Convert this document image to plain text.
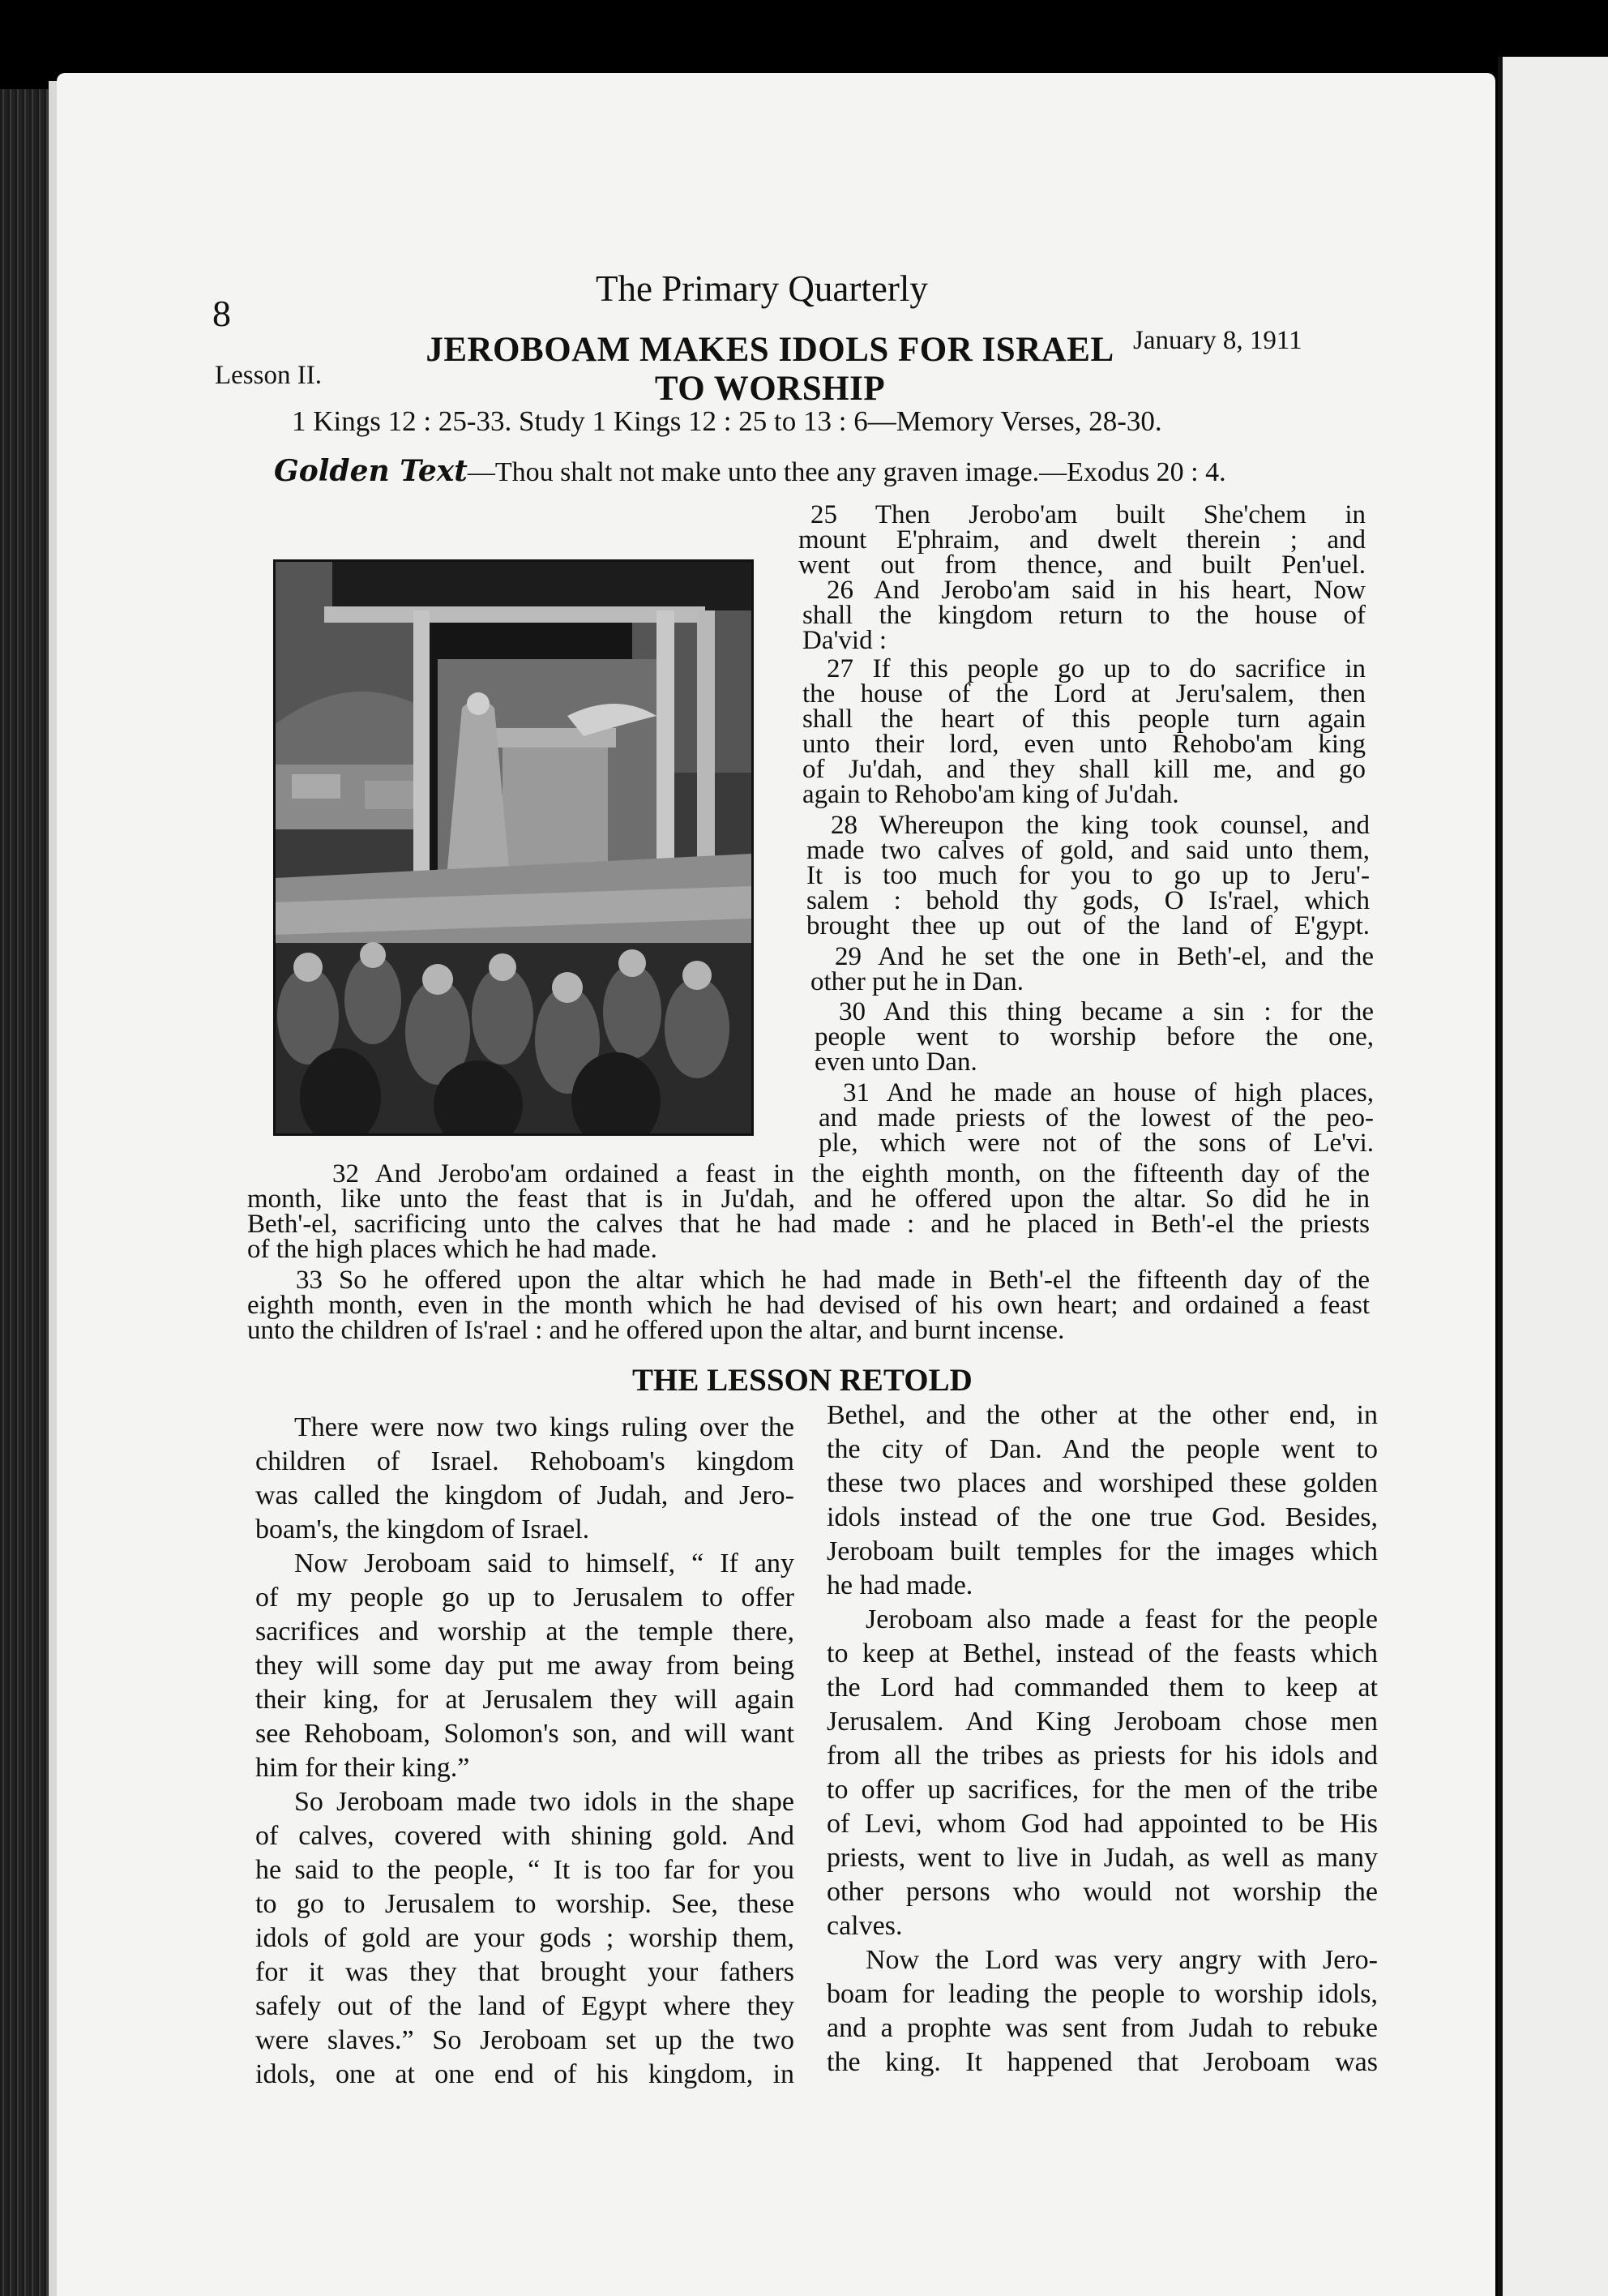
8
The Primary Quarterly
Lesson II.
January 8, 1911
JEROBOAM MAKES IDOLS FOR ISRAEL
TO WORSHIP
1 Kings 12 : 25-33. Study 1 Kings 12 : 25 to 13 : 6—Memory Verses, 28-30.
Golden Text—Thou shalt not make unto thee any graven image.—Exodus 20 : 4.
25 Then Jerobo'am built She'chem in
mount E'phraim, and dwelt therein ; and
went out from thence, and built Pen'uel.
26 And Jerobo'am said in his heart, Now
shall the kingdom return to the house of
Da'vid :
27 If this people go up to do sacrifice in
the house of the Lord at Jeru'salem, then
shall the heart of this people turn again
unto their lord, even unto Rehobo'am king
of Ju'dah, and they shall kill me, and go
again to Rehobo'am king of Ju'dah.
28 Whereupon the king took counsel, and
made two calves of gold, and said unto them,
It is too much for you to go up to Jeru'-
salem : behold thy gods, O Is'rael, which
brought thee up out of the land of E'gypt.
29 And he set the one in Beth'-el, and the
other put he in Dan.
30 And this thing became a sin : for the
people went to worship before the one,
even unto Dan.
31 And he made an house of high places,
and made priests of the lowest of the peo-
ple, which were not of the sons of Le'vi.
32 And Jerobo'am ordained a feast in the eighth month, on the fifteenth day of the
month, like unto the feast that is in Ju'dah, and he offered upon the altar. So did he in
Beth'-el, sacrificing unto the calves that he had made : and he placed in Beth'-el the priests
of the high places which he had made.
33 So he offered upon the altar which he had made in Beth'-el the fifteenth day of the
eighth month, even in the month which he had devised of his own heart; and ordained a feast
unto the children of Is'rael : and he offered upon the altar, and burnt incense.
THE LESSON RETOLD
There were now two kings ruling over the
children of Israel. Rehoboam's kingdom
was called the kingdom of Judah, and Jero-
boam's, the kingdom of Israel.
Now Jeroboam said to himself, “ If any
of my people go up to Jerusalem to offer
sacrifices and worship at the temple there,
they will some day put me away from being
their king, for at Jerusalem they will again
see Rehoboam, Solomon's son, and will want
him for their king.”
So Jeroboam made two idols in the shape
of calves, covered with shining gold. And
he said to the people, “ It is too far for you
to go to Jerusalem to worship. See, these
idols of gold are your gods ; worship them,
for it was they that brought your fathers
safely out of the land of Egypt where they
were slaves.” So Jeroboam set up the two
idols, one at one end of his kingdom, in
Bethel, and the other at the other end, in
the city of Dan. And the people went to
these two places and worshiped these golden
idols instead of the one true God. Besides,
Jeroboam built temples for the images which
he had made.
Jeroboam also made a feast for the people
to keep at Bethel, instead of the feasts which
the Lord had commanded them to keep at
Jerusalem. And King Jeroboam chose men
from all the tribes as priests for his idols and
to offer up sacrifices, for the men of the tribe
of Levi, whom God had appointed to be His
priests, went to live in Judah, as well as many
other persons who would not worship the
calves.
Now the Lord was very angry with Jero-
boam for leading the people to worship idols,
and a prophte was sent from Judah to rebuke
the king. It happened that Jeroboam was
